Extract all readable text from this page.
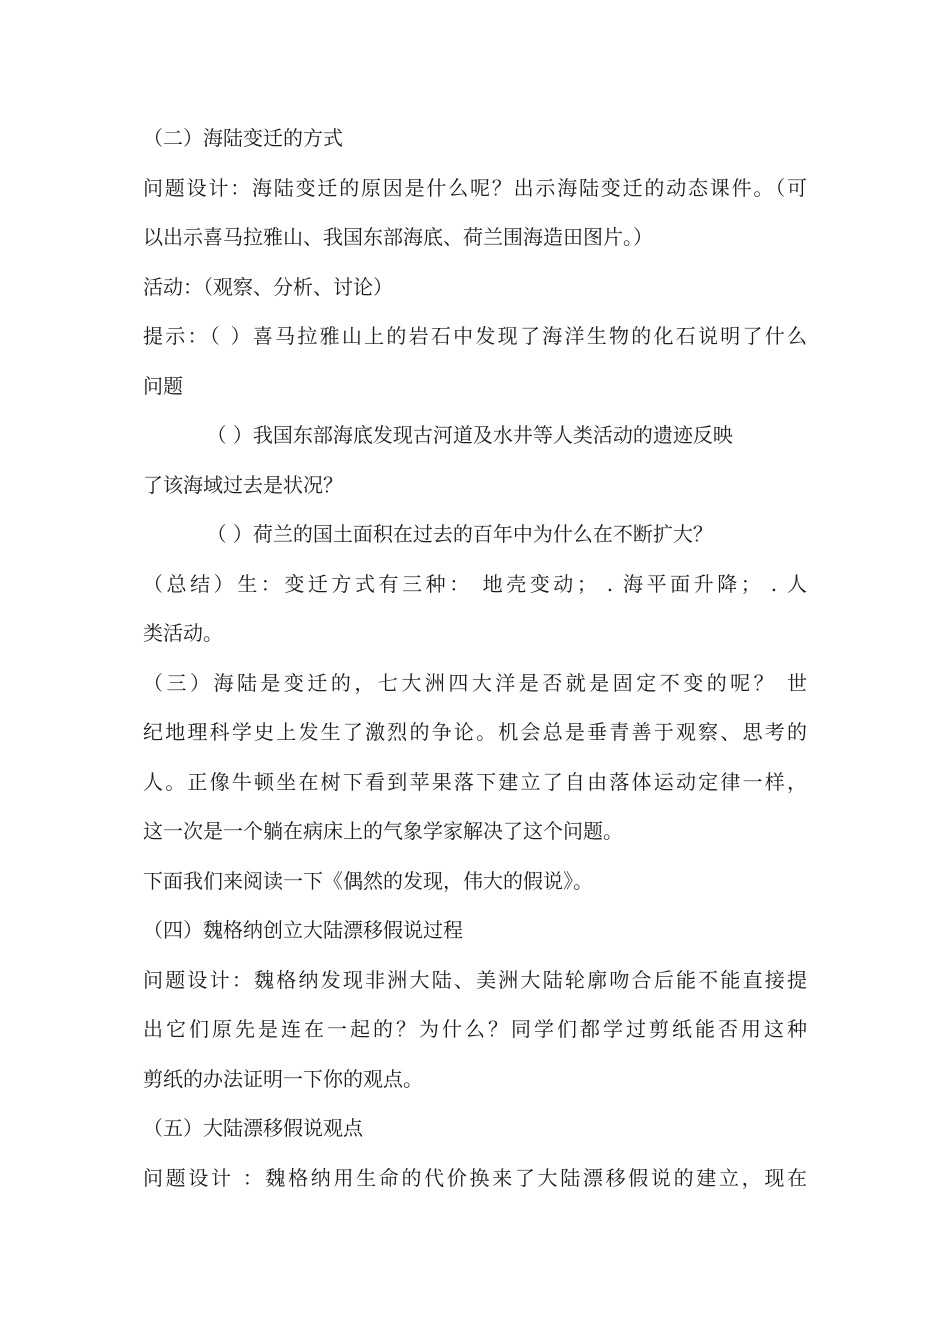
（二）海陆变迁的方式
问题设计：海陆变迁的原因是什么呢？出示海陆变迁的动态课件。（可
以出示喜马拉雅山、我国东部海底、荷兰围海造田图片。）
活动：（观察、分析、讨论）
提示：（ ）喜马拉雅山上的岩石中发现了海洋生物的化石说明了什么
问题
（ ）我国东部海底发现古河道及水井等人类活动的遗迹反映
了该海域过去是状况？
（ ）荷兰的国土面积在过去的百年中为什么在不断扩大？
（总结）生：变迁方式有三种： 地壳变动； . 海平面升降； . 人
类活动。
（三）海陆是变迁的，七大洲四大洋是否就是固定不变的呢？ 世
纪地理科学史上发生了激烈的争论。机会总是垂青善于观察、思考的
人。正像牛顿坐在树下看到苹果落下建立了自由落体运动定律一样，
这一次是一个躺在病床上的气象学家解决了这个问题。
下面我们来阅读一下《偶然的发现，伟大的假说》。
（四）魏格纳创立大陆漂移假说过程
问题设计：魏格纳发现非洲大陆、美洲大陆轮廓吻合后能不能直接提
出它们原先是连在一起的？为什么？同学们都学过剪纸能否用这种
剪纸的办法证明一下你的观点。
（五）大陆漂移假说观点
问题设计 ：魏格纳用生命的代价换来了大陆漂移假说的建立，现在
